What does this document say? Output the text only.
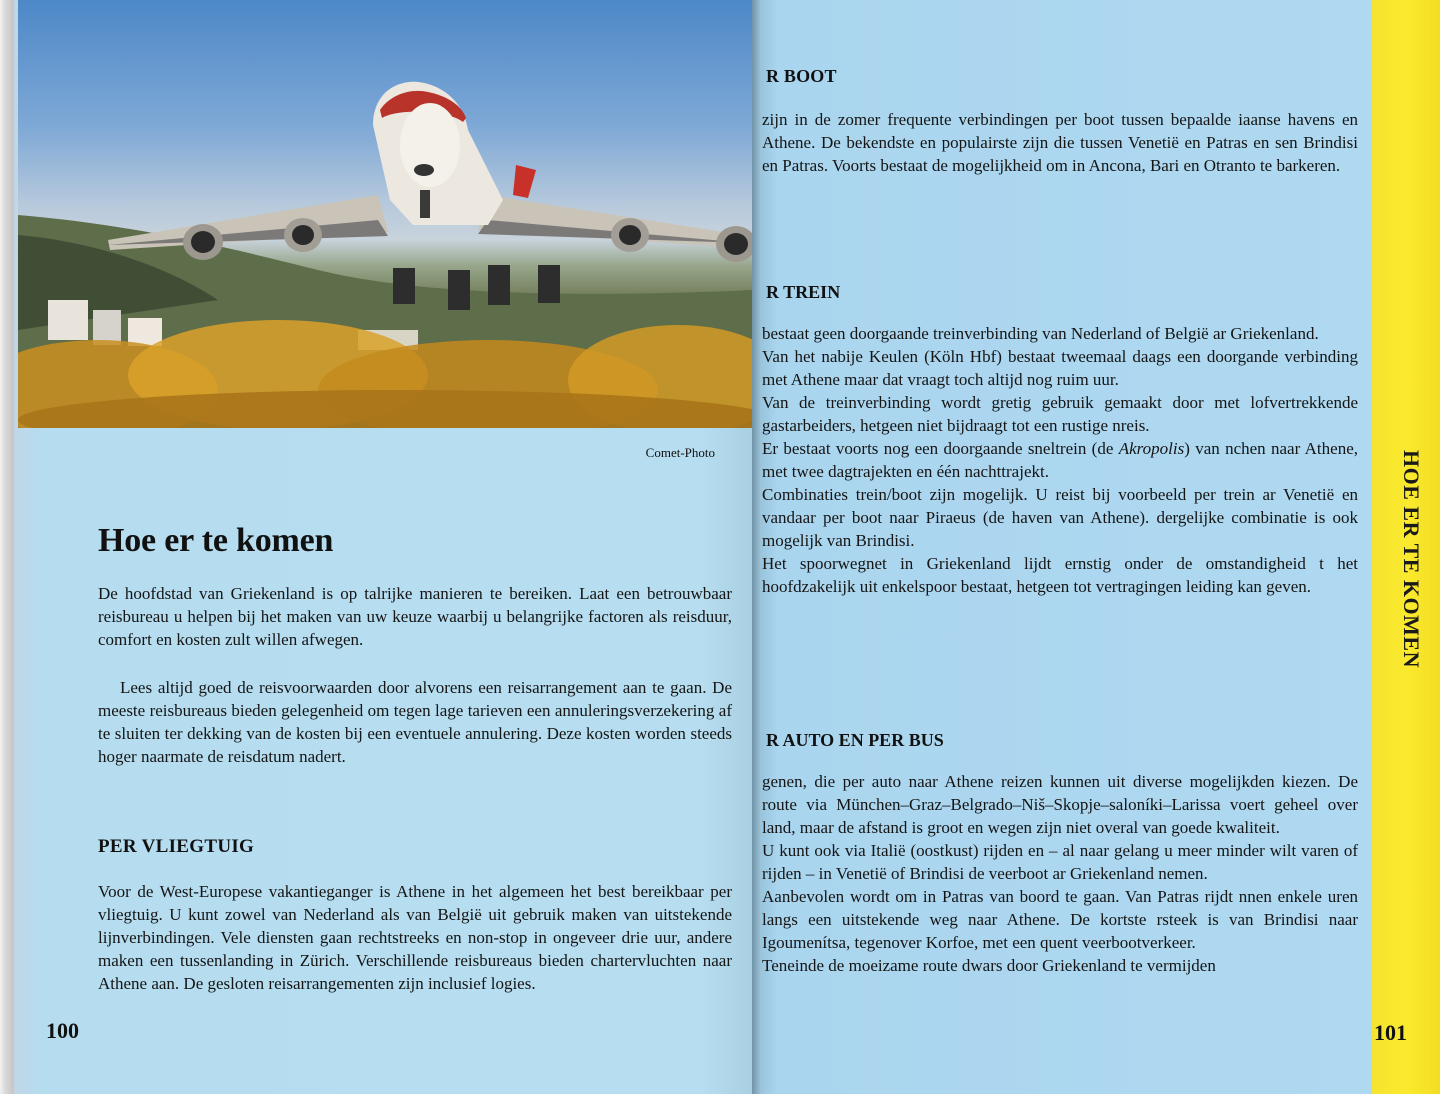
Comet-Photo
Hoe er te komen

De hoofdstad van Griekenland is op talrijke manieren te bereiken. Laat een betrouwbaar reisbureau u helpen bij het maken van uw keuze waarbij u belangrijke factoren als reisduur, comfort en kosten zult willen afwegen.

Lees altijd goed de reisvoorwaarden door alvorens een reisarrangement aan te gaan. De meeste reisbureaus bieden gelegenheid om tegen lage tarieven een annuleringsverzekering af te sluiten ter dekking van de kosten bij een eventuele annulering. Deze kosten worden steeds hoger naarmate de reisdatum nadert.

PER VLIEGTUIG

Voor de West-Europese vakantieganger is Athene in het algemeen het best bereikbaar per vliegtuig. U kunt zowel van Nederland als van België uit gebruik maken van uitstekende lijnverbindingen. Vele diensten gaan rechtstreeks en non-stop in ongeveer drie uur, andere maken een tussenlanding in Zürich. Verschillende reisbureaus bieden chartervluchten naar Athene aan. De gesloten reisarrangementen zijn inclusief logies.

100
R BOOT

zijn in de zomer frequente verbindingen per boot tussen bepaalde iaanse havens en Athene. De bekendste en populairste zijn die tussen Venetië en Patras en sen Brindisi en Patras. Voorts bestaat de mogelijkheid om in Ancona, Bari en Otranto te barkeren.

R TREIN

bestaat geen doorgaande treinverbinding van Nederland of België ar Griekenland.

Van het nabije Keulen (Köln Hbf) bestaat tweemaal daags een doorgande verbinding met Athene maar dat vraagt toch altijd nog ruim uur.

Van de treinverbinding wordt gretig gebruik gemaakt door met lofvertrekkende gastarbeiders, hetgeen niet bijdraagt tot een rustige nreis.

Er bestaat voorts nog een doorgaande sneltrein (de Akropolis) van nchen naar Athene, met twee dagtrajekten en één nachttrajekt.

Combinaties trein/boot zijn mogelijk. U reist bij voorbeeld per trein ar Venetië en vandaar per boot naar Piraeus (de haven van Athene). dergelijke combinatie is ook mogelijk van Brindisi.

Het spoorwegnet in Griekenland lijdt ernstig onder de omstandigheid t het hoofdzakelijk uit enkelspoor bestaat, hetgeen tot vertragingen leiding kan geven.

R AUTO EN PER BUS

genen, die per auto naar Athene reizen kunnen uit diverse mogelijkden kiezen. De route via München–Graz–Belgrado–Niš–Skopje–saloníki–Larissa voert geheel over land, maar de afstand is groot en wegen zijn niet overal van goede kwaliteit.

U kunt ook via Italië (oostkust) rijden en – al naar gelang u meer minder wilt varen of rijden – in Venetië of Brindisi de veerboot ar Griekenland nemen.

Aanbevolen wordt om in Patras van boord te gaan. Van Patras rijdt nnen enkele uren langs een uitstekende weg naar Athene. De kortste rsteek is van Brindisi naar Igoumenítsa, tegenover Korfoe, met een quent veerbootverkeer.

Teneinde de moeizame route dwars door Griekenland te vermijden

HOE ER TE KOMEN
101
